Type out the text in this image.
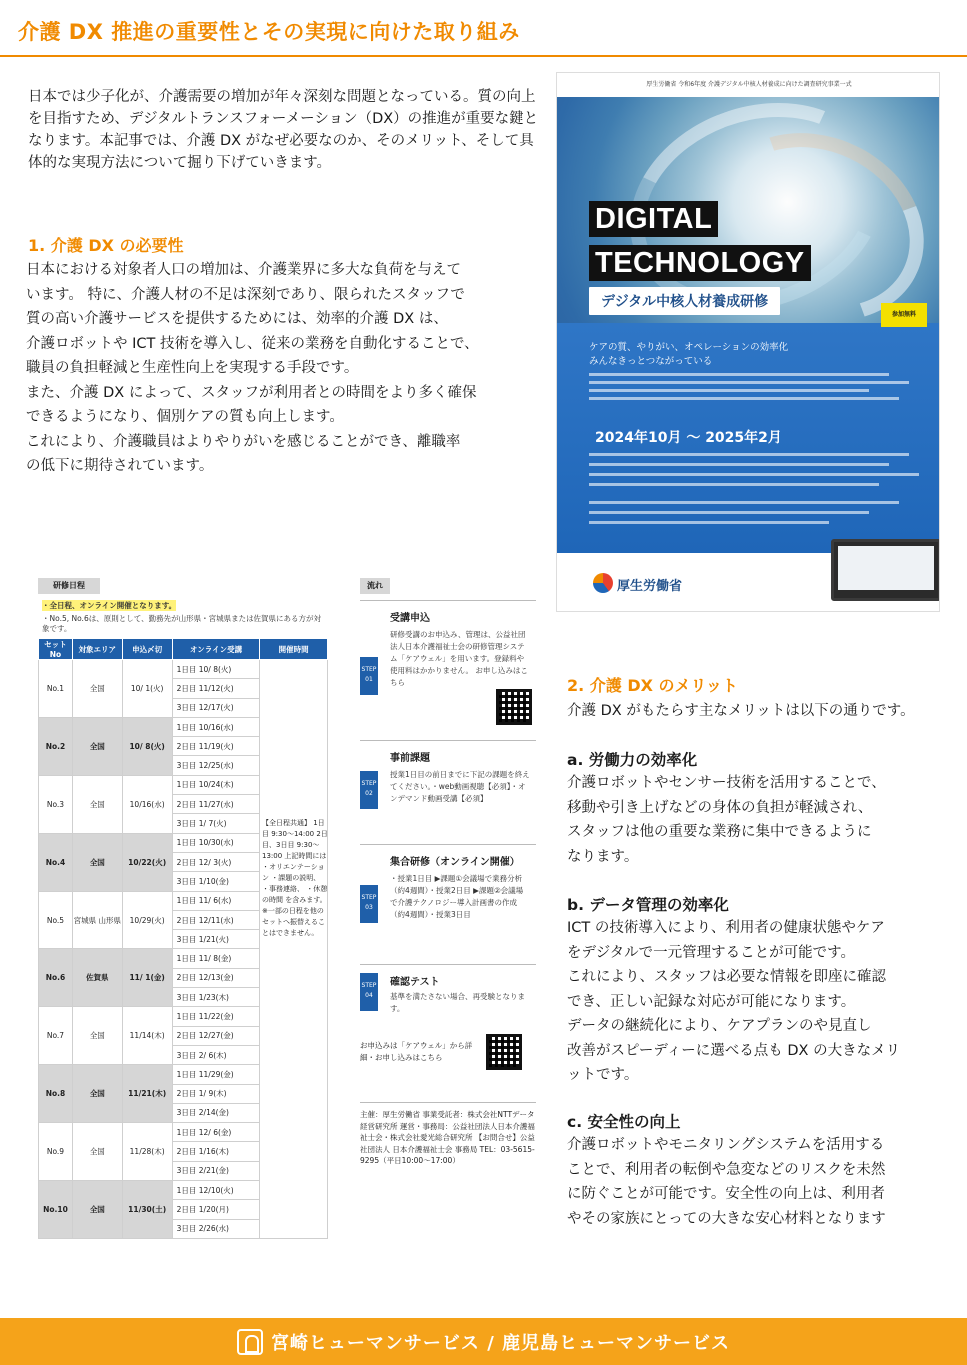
介護 DX 推進の重要性とその実現に向けた取り組み

日本では少子化が、介護需要の増加が年々深刻な問題となっている。質の向上を目指すため、デジタルトランスフォーメーション（DX）の推進が重要な鍵となります。本記事では、介護 DX がなぜ必要なのか、そのメリット、そして具体的な実現方法について掘り下げていきます。

1. 介護 DX の必要性
日本における対象者人口の増加は、介護業界に多大な負荷を与えて
います。 特に、介護人材の不足は深刻であり、限られたスタッフで
質の高い介護サービスを提供するためには、効率的介護 DX は、
介護ロボットや ICT 技術を導入し、従来の業務を自動化することで、
職員の負担軽減と生産性向上を実現する手段です。
また、介護 DX によって、スタッフが利用者との時間をより多く確保
できるようになり、個別ケアの質も向上します。
これにより、介護職員はよりやりがいを感じることができ、離職率
の低下に期待されています。
厚生労働省 令和6年度 介護デジタル中核人材養成に向けた調査研究事業一式
DIGITAL
TECHNOLOGY
デジタル中核人材養成研修
参加無料
ケアの質、やりがい、オペレーションの効率化
みんなきっとつながっている
2024年10月 ～ 2025年2月
厚生労働省
2. 介護 DX のメリット
介護 DX がもたらす主なメリットは以下の通りです。
a. 労働力の効率化
介護ロボットやセンサー技術を活用することで、
移動や引き上げなどの身体の負担が軽減され、
スタッフは他の重要な業務に集中できるように
なります。
b. データ管理の効率化
ICT の技術導入により、利用者の健康状態やケア
をデジタルで一元管理することが可能です。
これにより、スタッフは必要な情報を即座に確認
でき、正しい記録な対応が可能になります。
データの継続化により、ケアプランのや見直し
改善がスピーディーに選べる点も DX の大きなメリ
ットです。
c. 安全性の向上
介護ロボットやモニタリングシステムを活用する
ことで、利用者の転倒や急変などのリスクを未然
に防ぐことが可能です。安全性の向上は、利用者
やその家族にとっての大きな安心材料となります
研修日程
・全日程、オンライン開催となります。
・No.5, No.6は、原則として、勤務先が山形県・宮城県または佐賀県にある方が対象です。
セット No	対象エリア	申込〆切	オンライン受講	開催時間
No.1	全国	10/ 1(火)	1日目 10/ 8(火)	
			2日目 11/12(火)	
			3日目 12/17(火)	
No.2	全国	10/ 8(火)	1日目 10/16(水)	
			2日目 11/19(火)	
			3日目 12/25(水)	
No.3	全国	10/16(水)	1日目 10/24(木)	
			2日目 11/27(水)	
			3日目 1/ 7(火)	
No.4	全国	10/22(火)	1日目 10/30(水)	
			2日目 12/ 3(火)	
			3日目 1/10(金)	
No.5	宮城県 山形県	10/29(火)	1日目 11/ 6(水)	
			2日目 12/11(水)	
			3日目 1/21(火)	
No.6	佐賀県	11/ 1(金)	1日目 11/ 8(金)	
			2日目 12/13(金)	
			3日目 1/23(木)	
No.7	全国	11/14(木)	1日目 11/22(金)	
			2日目 12/27(金)	
			3日目 2/ 6(木)	
No.8	全国	11/21(木)	1日目 11/29(金)	
			2日目 1/ 9(木)	
			3日目 2/14(金)	
No.9	全国	11/28(木)	1日目 12/ 6(金)	
			2日目 1/16(木)	
			3日目 2/21(金)	
No.10	全国	11/30(土)	1日目 12/10(火)	
			2日目 1/20(月)	
			3日目 2/26(水)	
【全日程共通】 1日目 9:30～14:00 2日目、3日目 9:30～13:00 上記時間には ・オリエンテーション ・課題の説明、 ・事務連絡、 ・休憩の時間 を含みます。 ※一部の日程を他のセットへ振替えることはできません。
流れ
STEP 01
受講申込
研修受講のお申込み、管理は、公益社団法人日本介護福祉士会の研修管理システム「ケアウェル」を用います。登録料や使用料はかかりません。 お申し込みはこちら
STEP 02
事前課題
授業1日目の前日までに下記の課題を終えてください。・web動画視聴【必須】・オンデマンド動画受講【必須】
STEP 03
集合研修（オンライン開催）
・授業1日目 ▶課題①会議場で業務分析（約4週間）・授業2日目 ▶課題②会議場で介護テクノロジー導入計画書の作成（約4週間）・授業3日目
STEP 04
確認テスト
基準を満たさない場合、再受験となります。
お申込みは「ケアウェル」から詳細・お申し込みはこちら
主催：厚生労働省 事業受託者：株式会社NTTデータ経営研究所 運営・事務局：公益社団法人日本介護福祉士会・株式会社愛光総合研究所 【お問合せ】公益社団法人 日本介護福祉士会 事務局 TEL：03-5615-9295（平日10:00～17:00）
宮崎ヒューマンサービス / 鹿児島ヒューマンサービス
